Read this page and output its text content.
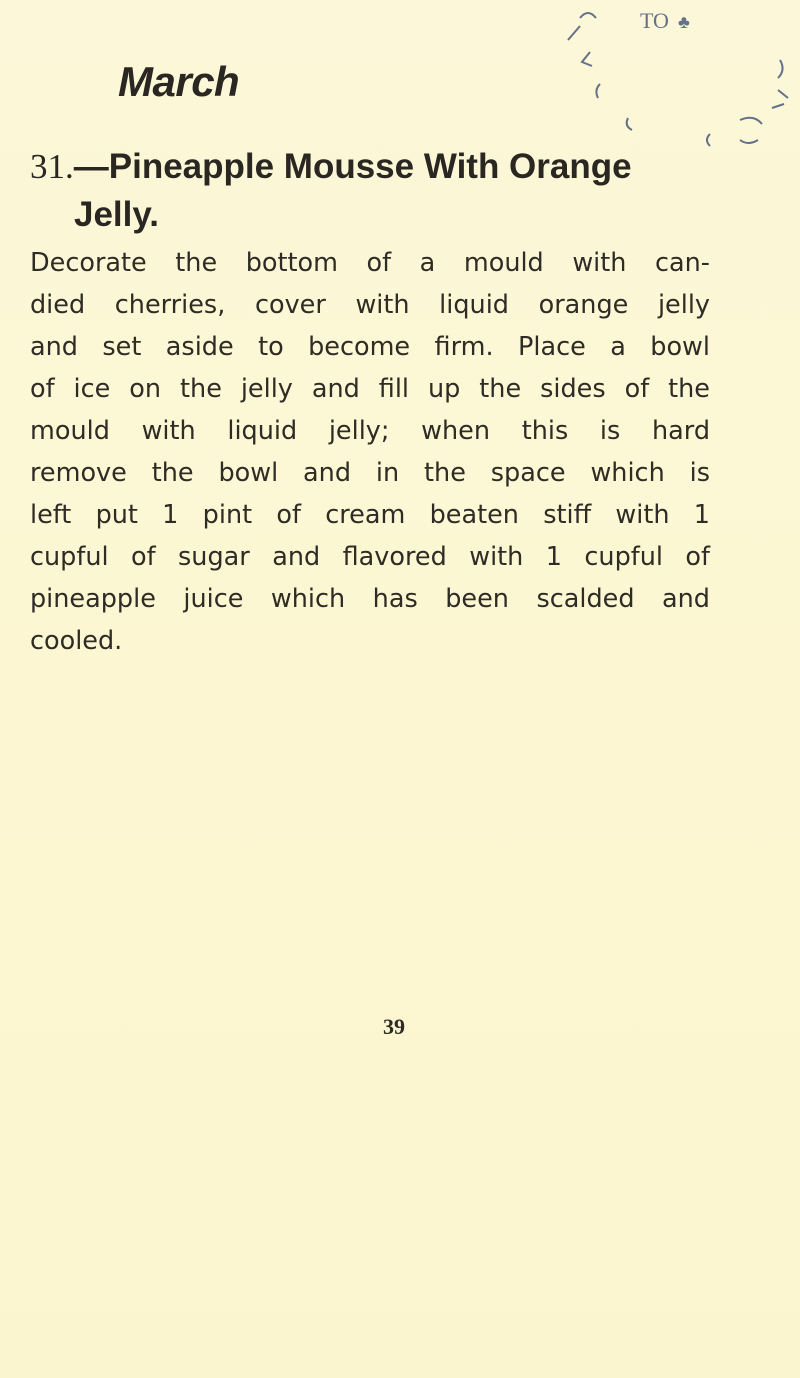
March
TO ♣
31.—Pineapple Mousse With Orange
Jelly.
Decorate the bottom of a mould with can-
died cherries, cover with liquid orange jelly
and set aside to become firm. Place a bowl
of ice on the jelly and fill up the sides of the
mould with liquid jelly; when this is hard
remove the bowl and in the space which is
left put 1 pint of cream beaten stiff with 1
cupful of sugar and flavored with 1 cupful of
pineapple juice which has been scalded and
cooled.
39
